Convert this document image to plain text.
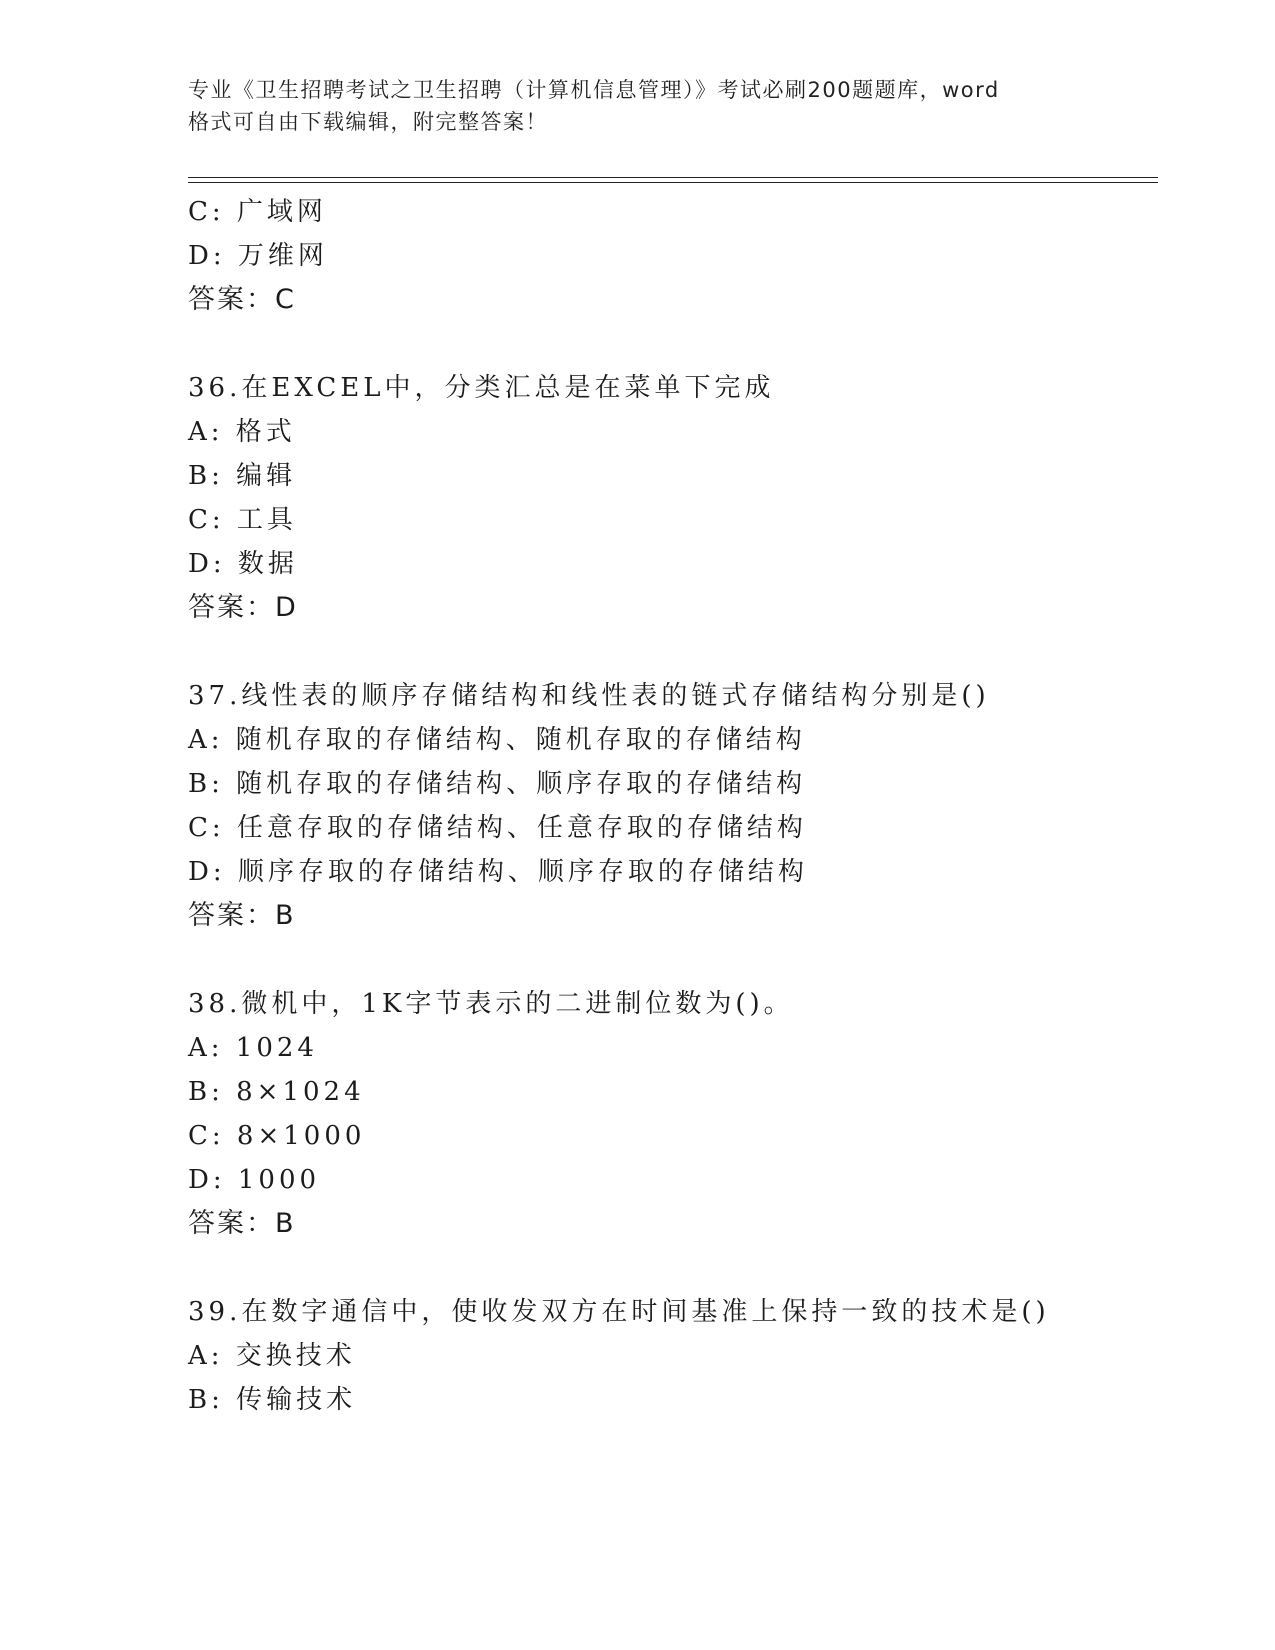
专业《卫生招聘考试之卫生招聘（计算机信息管理）》考试必刷200题题库，word
格式可自由下载编辑，附完整答案！
C: 广域网
D: 万维网
答案：C
36.在EXCEL中，分类汇总是在菜单下完成
A: 格式
B: 编辑
C: 工具
D: 数据
答案：D
37.线性表的顺序存储结构和线性表的链式存储结构分别是()
A: 随机存取的存储结构、随机存取的存储结构
B: 随机存取的存储结构、顺序存取的存储结构
C: 任意存取的存储结构、任意存取的存储结构
D: 顺序存取的存储结构、顺序存取的存储结构
答案：B
38.微机中，1K字节表示的二进制位数为()。
A: 1024
B: 8×1024
C: 8×1000
D: 1000
答案：B
39.在数字通信中，使收发双方在时间基准上保持一致的技术是()
A: 交换技术
B: 传输技术
